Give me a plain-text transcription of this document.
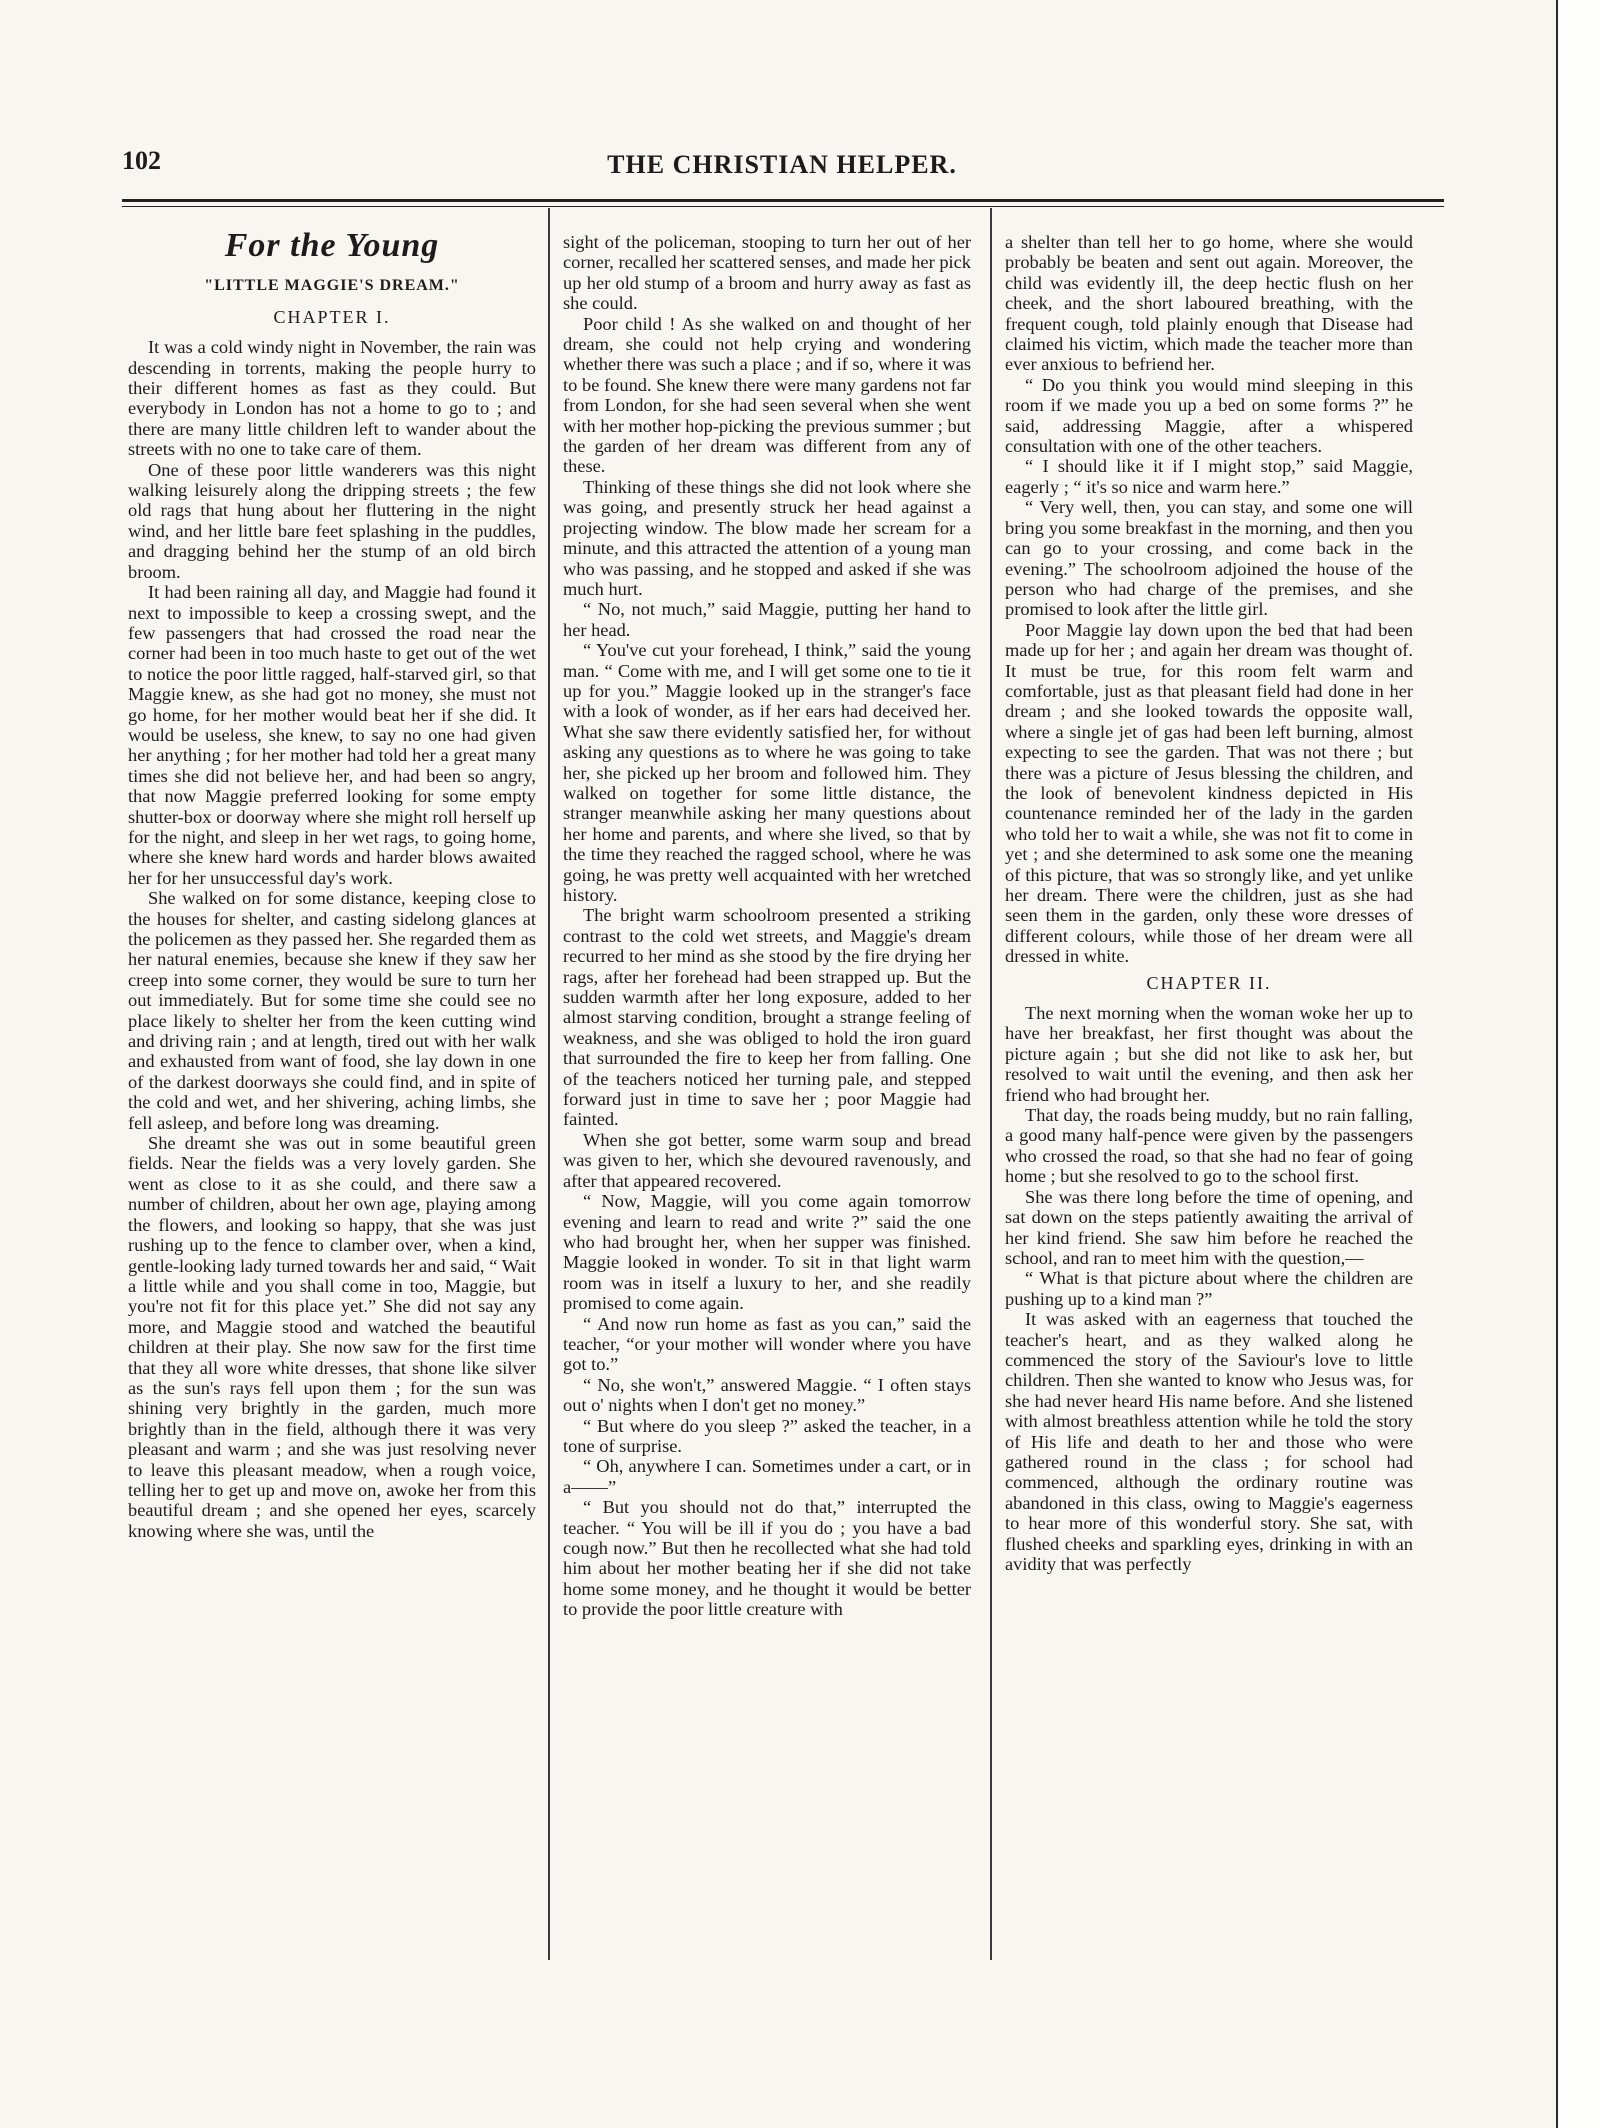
102	THE CHRISTIAN HELPER.
For the Young
"LITTLE MAGGIE'S DREAM."
CHAPTER I.

It was a cold windy night in November, the rain was descending in torrents, making the people hurry to their different homes as fast as they could. But everybody in London has not a home to go to ; and there are many little children left to wander about the streets with no one to take care of them.

One of these poor little wanderers was this night walking leisurely along the dripping streets ; the few old rags that hung about her fluttering in the night wind, and her little bare feet splashing in the puddles, and dragging behind her the stump of an old birch broom.

It had been raining all day, and Maggie had found it next to impossible to keep a crossing swept, and the few passengers that had crossed the road near the corner had been in too much haste to get out of the wet to notice the poor little ragged, half-starved girl, so that Maggie knew, as she had got no money, she must not go home, for her mother would beat her if she did. It would be useless, she knew, to say no one had given her anything ; for her mother had told her a great many times she did not believe her, and had been so angry, that now Maggie preferred looking for some empty shutter-box or doorway where she might roll herself up for the night, and sleep in her wet rags, to going home, where she knew hard words and harder blows awaited her for her unsuccessful day's work.

She walked on for some distance, keeping close to the houses for shelter, and casting sidelong glances at the policemen as they passed her. She regarded them as her natural enemies, because she knew if they saw her creep into some corner, they would be sure to turn her out immediately. But for some time she could see no place likely to shelter her from the keen cutting wind and driving rain ; and at length, tired out with her walk and exhausted from want of food, she lay down in one of the darkest doorways she could find, and in spite of the cold and wet, and her shivering, aching limbs, she fell asleep, and before long was dreaming.

She dreamt she was out in some beautiful green fields. Near the fields was a very lovely garden. She went as close to it as she could, and there saw a number of children, about her own age, playing among the flowers, and looking so happy, that she was just rushing up to the fence to clamber over, when a kind, gentle-looking lady turned towards her and said, “ Wait a little while and you shall come in too, Maggie, but you're not fit for this place yet.” She did not say any more, and Maggie stood and watched the beautiful children at their play. She now saw for the first time that they all wore white dresses, that shone like silver as the sun's rays fell upon them ; for the sun was shining very brightly in the garden, much more brightly than in the field, although there it was very pleasant and warm ; and she was just resolving never to leave this pleasant meadow, when a rough voice, telling her to get up and move on, awoke her from this beautiful dream ; and she opened her eyes, scarcely knowing where she was, until the

sight of the policeman, stooping to turn her out of her corner, recalled her scattered senses, and made her pick up her old stump of a broom and hurry away as fast as she could.

Poor child ! As she walked on and thought of her dream, she could not help crying and wondering whether there was such a place ; and if so, where it was to be found. She knew there were many gardens not far from London, for she had seen several when she went with her mother hop-picking the previous summer ; but the garden of her dream was different from any of these.

Thinking of these things she did not look where she was going, and presently struck her head against a projecting window. The blow made her scream for a minute, and this attracted the attention of a young man who was passing, and he stopped and asked if she was much hurt.

“ No, not much,” said Maggie, putting her hand to her head.

“ You've cut your forehead, I think,” said the young man. “ Come with me, and I will get some one to tie it up for you.” Maggie looked up in the stranger's face with a look of wonder, as if her ears had deceived her. What she saw there evidently satisfied her, for without asking any questions as to where he was going to take her, she picked up her broom and followed him. They walked on together for some little distance, the stranger meanwhile asking her many questions about her home and parents, and where she lived, so that by the time they reached the ragged school, where he was going, he was pretty well acquainted with her wretched history.

The bright warm schoolroom presented a striking contrast to the cold wet streets, and Maggie's dream recurred to her mind as she stood by the fire drying her rags, after her forehead had been strapped up. But the sudden warmth after her long exposure, added to her almost starving condition, brought a strange feeling of weakness, and she was obliged to hold the iron guard that surrounded the fire to keep her from falling. One of the teachers noticed her turning pale, and stepped forward just in time to save her ; poor Maggie had fainted.

When she got better, some warm soup and bread was given to her, which she devoured ravenously, and after that appeared recovered.

“ Now, Maggie, will you come again tomorrow evening and learn to read and write ?” said the one who had brought her, when her supper was finished. Maggie looked in wonder. To sit in that light warm room was in itself a luxury to her, and she readily promised to come again.

“ And now run home as fast as you can,” said the teacher, “or your mother will wonder where you have got to.”

“ No, she won't,” answered Maggie. “ I often stays out o' nights when I don't get no money.”

“ But where do you sleep ?” asked the teacher, in a tone of surprise.

“ Oh, anywhere I can. Sometimes under a cart, or in a——”

“ But you should not do that,” interrupted the teacher. “ You will be ill if you do ; you have a bad cough now.” But then he recollected what she had told him about her mother beating her if she did not take home some money, and he thought it would be better to provide the poor little creature with

a shelter than tell her to go home, where she would probably be beaten and sent out again. Moreover, the child was evidently ill, the deep hectic flush on her cheek, and the short laboured breathing, with the frequent cough, told plainly enough that Disease had claimed his victim, which made the teacher more than ever anxious to befriend her.

“ Do you think you would mind sleeping in this room if we made you up a bed on some forms ?” he said, addressing Maggie, after a whispered consultation with one of the other teachers.

“ I should like it if I might stop,” said Maggie, eagerly ; “ it's so nice and warm here.”

“ Very well, then, you can stay, and some one will bring you some breakfast in the morning, and then you can go to your crossing, and come back in the evening.” The schoolroom adjoined the house of the person who had charge of the premises, and she promised to look after the little girl.

Poor Maggie lay down upon the bed that had been made up for her ; and again her dream was thought of. It must be true, for this room felt warm and comfortable, just as that pleasant field had done in her dream ; and she looked towards the opposite wall, where a single jet of gas had been left burning, almost expecting to see the garden. That was not there ; but there was a picture of Jesus blessing the children, and the look of benevolent kindness depicted in His countenance reminded her of the lady in the garden who told her to wait a while, she was not fit to come in yet ; and she determined to ask some one the meaning of this picture, that was so strongly like, and yet unlike her dream. There were the children, just as she had seen them in the garden, only these wore dresses of different colours, while those of her dream were all dressed in white.

CHAPTER II.

The next morning when the woman woke her up to have her breakfast, her first thought was about the picture again ; but she did not like to ask her, but resolved to wait until the evening, and then ask her friend who had brought her.

That day, the roads being muddy, but no rain falling, a good many half-pence were given by the passengers who crossed the road, so that she had no fear of going home ; but she resolved to go to the school first.

She was there long before the time of opening, and sat down on the steps patiently awaiting the arrival of her kind friend. She saw him before he reached the school, and ran to meet him with the question,—

“ What is that picture about where the children are pushing up to a kind man ?”

It was asked with an eagerness that touched the teacher's heart, and as they walked along he commenced the story of the Saviour's love to little children. Then she wanted to know who Jesus was, for she had never heard His name before. And she listened with almost breathless attention while he told the story of His life and death to her and those who were gathered round in the class ; for school had commenced, although the ordinary routine was abandoned in this class, owing to Maggie's eagerness to hear more of this wonderful story. She sat, with flushed cheeks and sparkling eyes, drinking in with an avidity that was perfectly
